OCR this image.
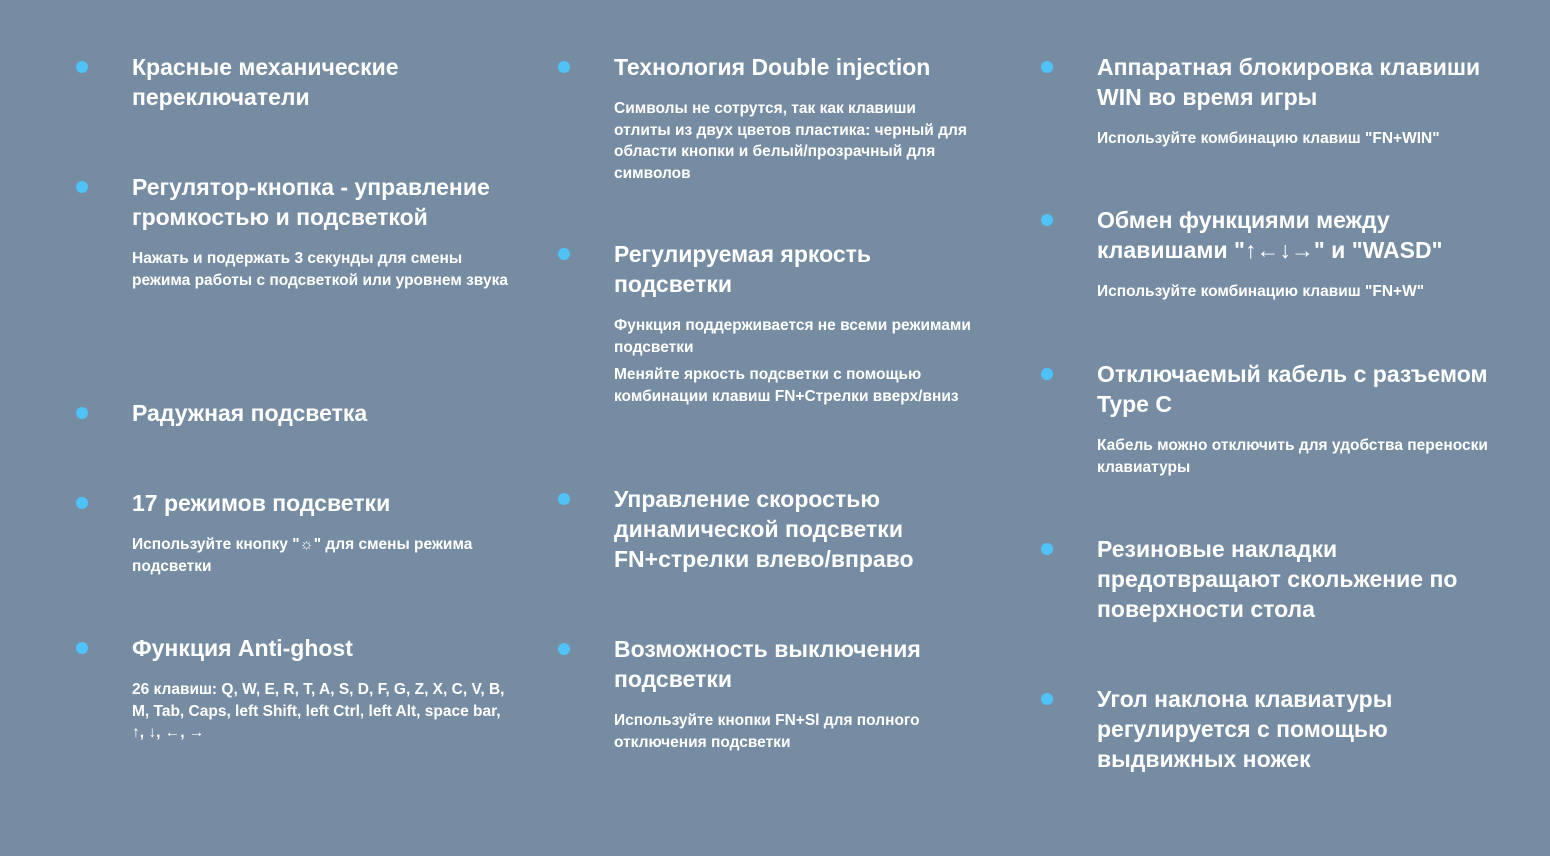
Красные механические переключатели
Регулятор-кнопка - управление громкостью и подсветкой

Нажать и подержать 3 секунды для смены режима работы с подсветкой или уровнем звука

Радужная подсветка
17 режимов подсветки

Используйте кнопку "☼" для смены режима подсветки

Функция Anti-ghost

26 клавиш: Q, W, E, R, T, A, S, D, F, G, Z, X, C, V, B, M, Tab, Caps, left Shift, left Ctrl, left Alt, space bar, ↑, ↓, ←, →

Технология Double injection

Символы не сотрутся, так как клавиши отлиты из двух цветов пластика: черный для области кнопки и белый/прозрачный для символов

Регулируемая яркость подсветки

Функция поддерживается не всеми режимами подсветки

Меняйте яркость подсветки с помощью комбинации клавиш FN+Стрелки вверх/вниз

Управление скоростью динамической подсветки FN+стрелки влево/вправо
Возможность выключения подсветки

Используйте кнопки FN+Sl для полного отключения подсветки

Аппаратная блокировка клавиши WIN во время игры

Используйте комбинацию клавиш "FN+WIN"

Обмен функциями между клавишами "↑←↓→" и "WASD"

Используйте комбинацию клавиш "FN+W"

Отключаемый кабель с разъемом Type C

Кабель можно отключить для удобства переноски клавиатуры

Резиновые накладки предотвращают скольжение по поверхности стола
Угол наклона клавиатуры регулируется с помощью выдвижных ножек
